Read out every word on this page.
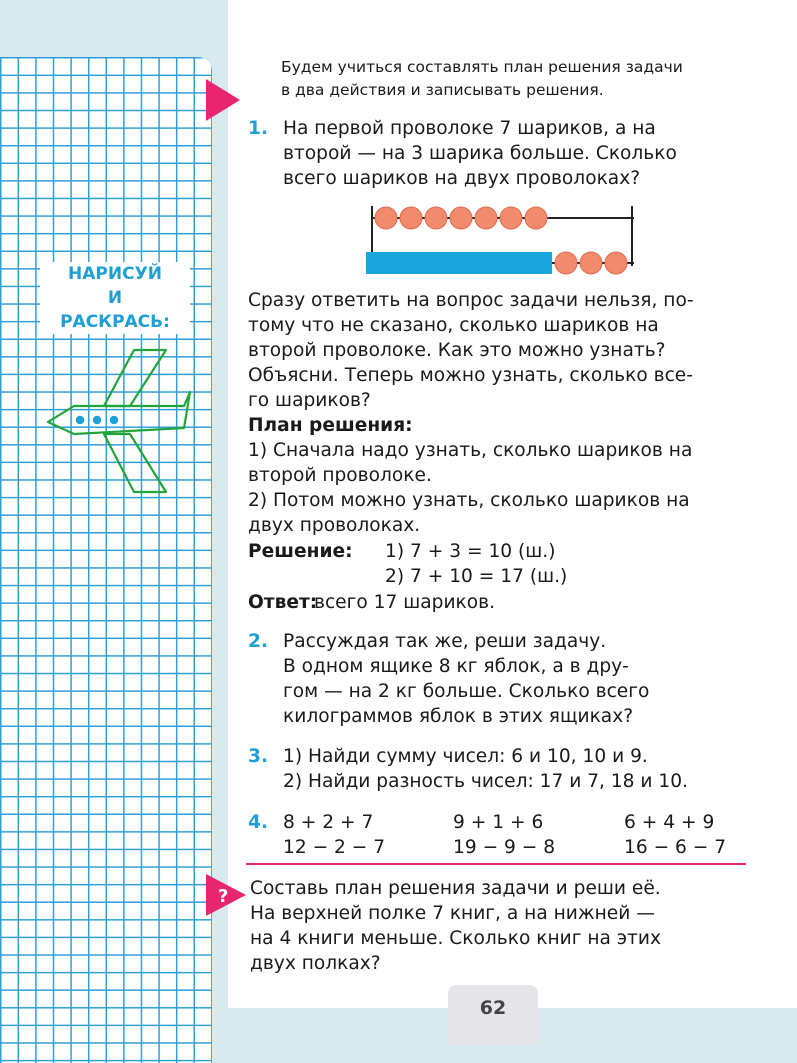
НАРИСУЙ
И
РАСКРАСЬ:
Будем учиться составлять план решения задачи
в два действия и записывать решения.
1. На первой проволоке 7 шариков, а на
второй — на 3 шарика больше. Сколько
всего шариков на двух проволоках?
Сразу ответить на вопрос задачи нельзя, по-
тому что не сказано, сколько шариков на
второй проволоке. Как это можно узнать?
Объясни. Теперь можно узнать, сколько все-
го шариков?
План решения:
1) Сначала надо узнать, сколько шариков на
второй проволоке.
2) Потом можно узнать, сколько шариков на
двух проволоках.
Решение: 1) 7 + 3 = 10 (ш.)
2) 7 + 10 = 17 (ш.)
Ответ:
всего 17 шариков.
2. Рассуждая так же, реши задачу.
В одном ящике 8 кг яблок, а в дру-
гом — на 2 кг больше. Сколько всего
килограммов яблок в этих ящиках?
3. 1) Найди сумму чисел: 6 и 10, 10 и 9.
2) Найди разность чисел: 17 и 7, 18 и 10.
4. 8 + 2 + 7
12 − 2 − 7
9 + 1 + 6
19 − 9 − 8
6 + 4 + 9
16 − 6 − 7
? Составь план решения задачи и реши её.
На верхней полке 7 книг, а на нижней —
на 4 книги меньше. Сколько книг на этих
двух полках?
62
